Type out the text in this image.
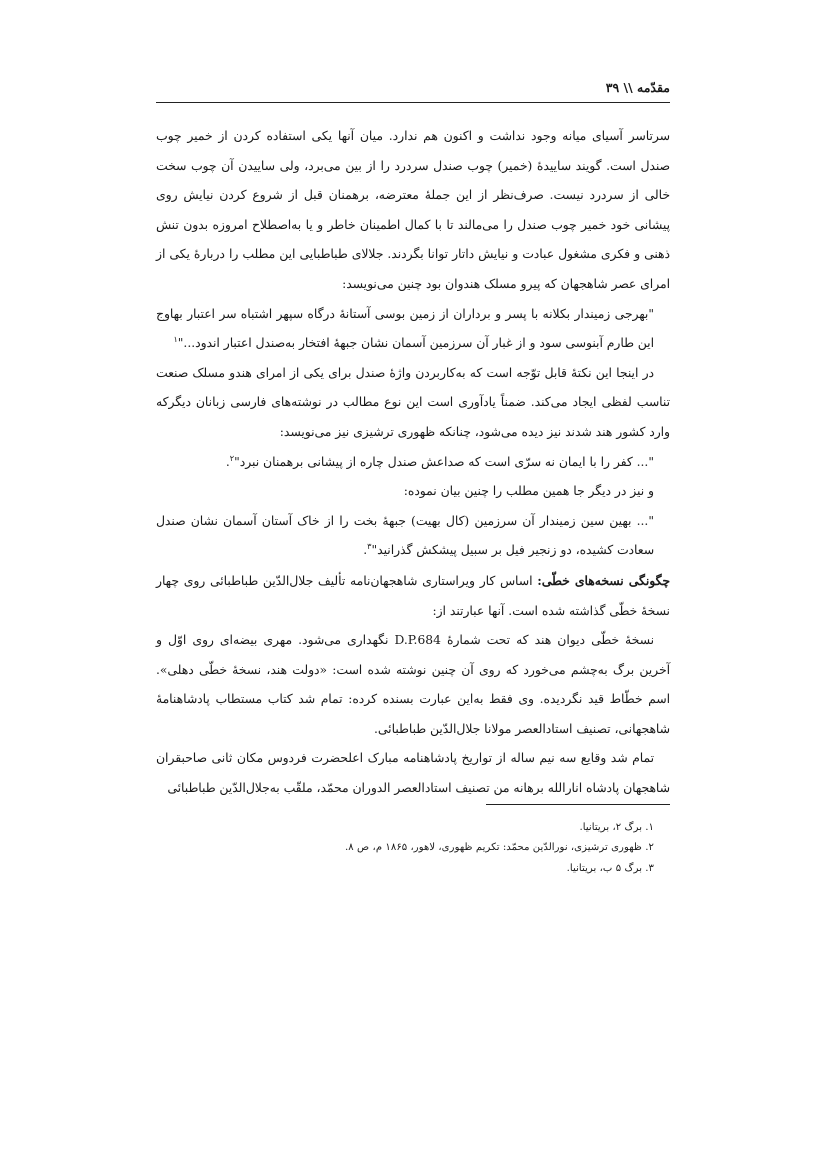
مقدّمه \\ ۳۹

سرتاسر آسیای میانه وجود نداشت و اکنون هم ندارد. میان آنها یکی استفاده کردن از خمیر چوب صندل است. گویند ساییدهٔ (خمیر) چوب صندل سردرد را از بین می‌برد، ولی ساییدن آن چوب سخت خالی از سردرد نیست. صرف‌نظر از این جملهٔ معترضه، برهمنان قبل از شروع کردن نیایش روی پیشانی خود خمیر چوب صندل را می‌مالند تا با کمال اطمینان خاطر و یا به‌اصطلاح امروزه بدون تنش ذهنی و فکری مشغول عبادت و نیایش داتار توانا بگردند. جلالای طباطبایی این مطلب را دربارهٔ یکی از امرای عصر شاهجهان که پیرو مسلک هندوان بود چنین می‌نویسد:

"بهرجی زمیندار بکلانه با پسر و برداران از زمین بوسی آستانهٔ درگاه سپهر اشتباه سر اعتبار بهاوج این طارم آبنوسی سود و از غبار آن سرزمین آسمان نشان جبههٔ افتخار به‌صندل اعتبار اندود..."$^۱$

در اینجا این نکتهٔ قابل توّجه است که به‌کاربردن واژهٔ صندل برای یکی از امرای هندو مسلک صنعت تناسب لفظی ایجاد می‌کند. ضمناً یادآوری است این نوع مطالب در نوشته‌های فارسی زبانان دیگرکه وارد کشور هند شدند نیز دیده می‌شود، چنانکه ظهوری ترشیزی نیز می‌نویسد:

"... کفر را با ایمان نه سرّی است که صداعش صندل چاره از پیشانی برهمنان نبرد"$^۲$.

و نیز در دیگر جا همین مطلب را چنین بیان نموده:

"... بهین سین زمیندار آن سرزمین (کال بهیت) جبههٔ بخت را از خاک آستان آسمان نشان صندل سعادت کشیده، دو زنجیر فیل بر سبیل پیشکش گذرانید"$^۳$.

چگونگی نسخه‌های خطّی: اساس کار ویراستاری شاهجهان‌نامه تألیف جلال‌الدّین طباطبائی روی چهار نسخهٔ خطّی گذاشته شده است. آنها عبارتند از:

نسخهٔ خطّی دیوان هند که تحت شمارهٔ D.P.684 نگهداری می‌شود. مهری بیضه‌ای روی اوّل و آخرین برگ به‌چشم می‌خورد که روی آن چنین نوشته شده است: «دولت هند، نسخهٔ خطّی دهلی». اسم خطّاط قید نگردیده. وی فقط به‌این عبارت بسنده کرده: تمام شد کتاب مستطاب پادشاهنامهٔ شاهجهانی، تصنیف استادالعصر مولانا جلال‌الدّین طباطبائی.

تمام شد وقایع سه نیم ساله از تواریخ پادشاهنامه مبارک اعلحضرت فردوس مکان ثانی صاحبقران شاهجهان پادشاه انارالله برهانه من تصنیف استادالعصر الدوران محمّد، ملقّب به‌جلال‌الدّین طباطبائی

۱. برگ ۲، بریتانیا.

۲. ظهوری ترشیزی، نورالدّین محمّد: تکریم ظهوری، لاهور، ۱۸۶۵ م، ص ۸.

۳. برگ ۵ ب، بریتانیا.
